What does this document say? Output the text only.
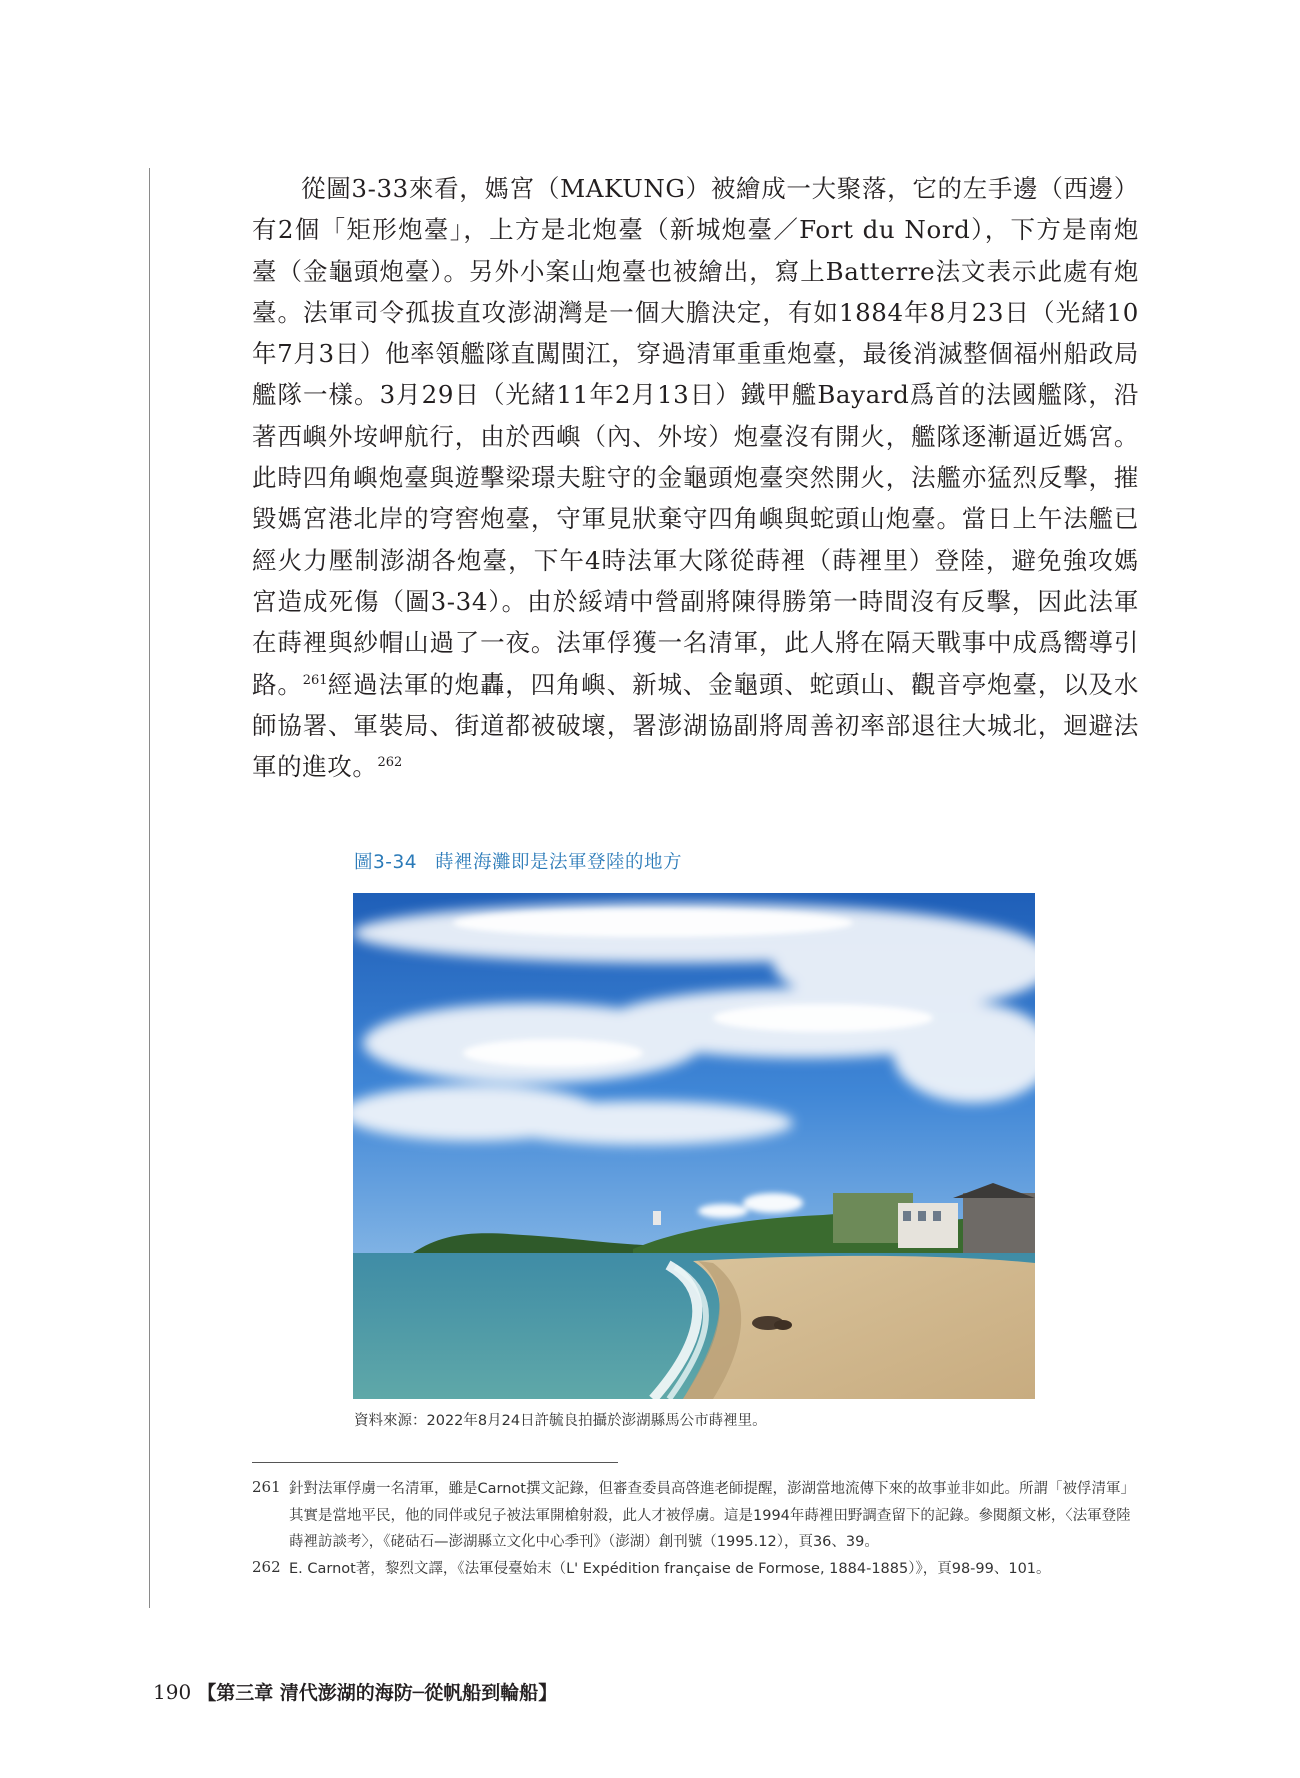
從圖3-33來看，媽宮（MAKUNG）被繪成一大聚落，它的左手邊（西邊）有2個「矩形炮臺」，上方是北炮臺（新城炮臺／Fort du Nord），下方是南炮臺（金龜頭炮臺）。另外小案山炮臺也被繪出，寫上Batterre法文表示此處有炮臺。法軍司令孤拔直攻澎湖灣是一個大膽決定，有如1884年8月23日（光緒10年7月3日）他率領艦隊直闖閩江，穿過清軍重重炮臺，最後消滅整個福州船政局艦隊一樣。3月29日（光緒11年2月13日）鐵甲艦Bayard爲首的法國艦隊，沿著西嶼外垵岬航行，由於西嶼（內、外垵）炮臺沒有開火，艦隊逐漸逼近媽宮。此時四角嶼炮臺與遊擊梁璟夫駐守的金龜頭炮臺突然開火，法艦亦猛烈反擊，摧毀媽宮港北岸的穹窖炮臺，守軍見狀棄守四角嶼與蛇頭山炮臺。當日上午法艦已經火力壓制澎湖各炮臺，下午4時法軍大隊從蒔裡（蒔裡里）登陸，避免強攻媽宮造成死傷（圖3-34）。由於綏靖中營副將陳得勝第一時間沒有反擊，因此法軍在蒔裡與紗帽山過了一夜。法軍俘獲一名清軍，此人將在隔天戰事中成爲嚮導引路。$^{261}$經過法軍的炮轟，四角嶼、新城、金龜頭、蛇頭山、觀音亭炮臺，以及水師協署、軍裝局、街道都被破壞，署澎湖協副將周善初率部退往大城北，迴避法軍的進攻。$^{262}$

圖3-34 蒔裡海灘即是法軍登陸的地方
資料來源：2022年8月24日許毓良拍攝於澎湖縣馬公市蒔裡里。
261 針對法軍俘虜一名清軍，雖是Carnot撰文記錄，但審查委員高啓進老師提醒，澎湖當地流傳下來的故事並非如此。所謂「被俘清軍」其實是當地平民，他的同伴或兒子被法軍開槍射殺，此人才被俘虜。這是1994年蒔裡田野調查留下的記錄。參閱顏文彬，〈法軍登陸蒔裡訪談考〉，《硓𥑮石—澎湖縣立文化中心季刊》（澎湖）創刊號（1995.12），頁36、39。
262 E. Carnot著，黎烈文譯，《法軍侵臺始末（L' Expédition française de Formose, 1884-1885）》，頁98-99、101。
190 【第三章 清代澎湖的海防─從帆船到輪船】
